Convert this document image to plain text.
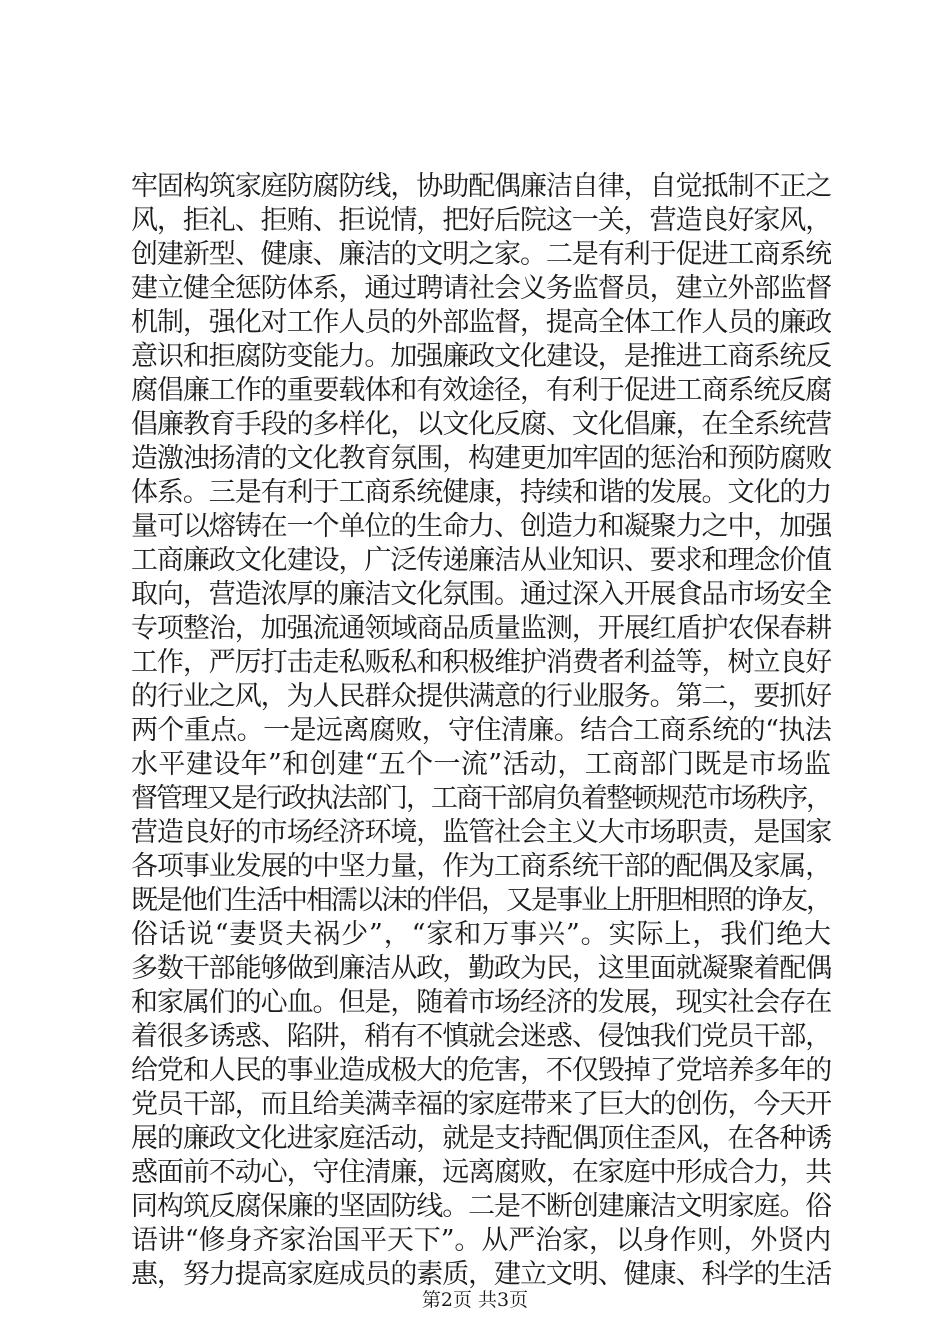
牢固构筑家庭防腐防线，协助配偶廉洁自律，自觉抵制不正之
风，拒礼、拒贿、拒说情，把好后院这一关，营造良好家风，
创建新型、健康、廉洁的文明之家。二是有利于促进工商系统
建立健全惩防体系，通过聘请社会义务监督员，建立外部监督
机制，强化对工作人员的外部监督，提高全体工作人员的廉政
意识和拒腐防变能力。加强廉政文化建设，是推进工商系统反
腐倡廉工作的重要载体和有效途径，有利于促进工商系统反腐
倡廉教育手段的多样化，以文化反腐、文化倡廉，在全系统营
造激浊扬清的文化教育氛围，构建更加牢固的惩治和预防腐败
体系。三是有利于工商系统健康，持续和谐的发展。文化的力
量可以熔铸在一个单位的生命力、创造力和凝聚力之中，加强
工商廉政文化建设，广泛传递廉洁从业知识、要求和理念价值
取向，营造浓厚的廉洁文化氛围。通过深入开展食品市场安全
专项整治，加强流通领域商品质量监测，开展红盾护农保春耕
工作，严厉打击走私贩私和积极维护消费者利益等，树立良好
的行业之风，为人民群众提供满意的行业服务。第二，要抓好
两个重点。一是远离腐败，守住清廉。结合工商系统的“执法
水平建设年”和创建“五个一流”活动，工商部门既是市场监
督管理又是行政执法部门，工商干部肩负着整顿规范市场秩序，
营造良好的市场经济环境，监管社会主义大市场职责，是国家
各项事业发展的中坚力量，作为工商系统干部的配偶及家属，
既是他们生活中相濡以沫的伴侣，又是事业上肝胆相照的诤友，
俗话说“妻贤夫祸少”，“家和万事兴”。实际上，我们绝大
多数干部能够做到廉洁从政，勤政为民，这里面就凝聚着配偶
和家属们的心血。但是，随着市场经济的发展，现实社会存在
着很多诱惑、陷阱，稍有不慎就会迷惑、侵蚀我们党员干部，
给党和人民的事业造成极大的危害，不仅毁掉了党培养多年的
党员干部，而且给美满幸福的家庭带来了巨大的创伤，今天开
展的廉政文化进家庭活动，就是支持配偶顶住歪风，在各种诱
惑面前不动心，守住清廉，远离腐败，在家庭中形成合力，共
同构筑反腐保廉的坚固防线。二是不断创建廉洁文明家庭。俗
语讲“修身齐家治国平天下”。从严治家，以身作则，外贤内
惠，努力提高家庭成员的素质，建立文明、健康、科学的生活
第2页 共3页
